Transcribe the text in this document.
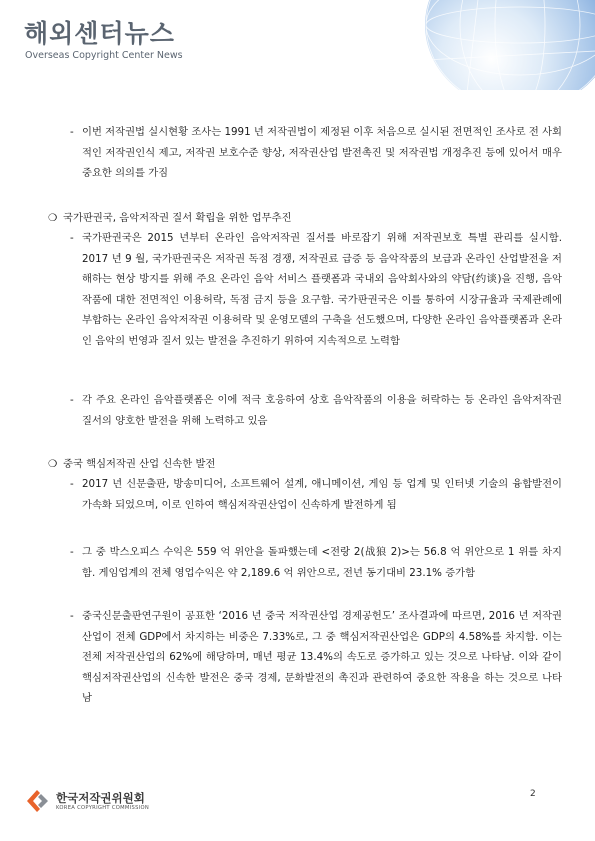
해외센터뉴스
Overseas Copyright Center News
- 이번 저작권법 실시현황 조사는 1991 년 저작권법이 제정된 이후 처음으로 실시된 전면적인 조사로 전 사회적인 저작권인식 제고, 저작권 보호수준 향상, 저작권산업 발전촉진 및 저작권법 개정추진 등에 있어서 매우 중요한 의의를 가짐
❍ 국가판권국, 음악저작권 질서 확립을 위한 업무추진
- 국가판권국은 2015 년부터 온라인 음악저작권 질서를 바로잡기 위해 저작권보호 특별 관리를 실시함. 2017 년 9 월, 국가판권국은 저작권 독점 경쟁, 저작권료 급증 등 음악작품의 보급과 온라인 산업발전을 저해하는 현상 방지를 위해 주요 온라인 음악 서비스 플랫폼과 국내외 음악회사와의 약담(约谈)을 진행, 음악 작품에 대한 전면적인 이용허락, 독점 금지 등을 요구함. 국가판권국은 이를 통하여 시장규율과 국제관례에 부합하는 온라인 음악저작권 이용허락 및 운영모델의 구축을 선도했으며, 다양한 온라인 음악플랫폼과 온라인 음악의 번영과 질서 있는 발전을 추진하기 위하여 지속적으로 노력함
- 각 주요 온라인 음악플랫폼은 이에 적극 호응하여 상호 음악작품의 이용을 허락하는 등 온라인 음악저작권 질서의 양호한 발전을 위해 노력하고 있음
❍ 중국 핵심저작권 산업 신속한 발전
- 2017 년 신문출판, 방송미디어, 소프트웨어 설계, 애니메이션, 게임 등 업계 및 인터넷 기술의 융합발전이 가속화 되었으며, 이로 인하여 핵심저작권산업이 신속하게 발전하게 됨
- 그 중 박스오피스 수익은 559 억 위안을 돌파했는데 <전랑 2(战狼 2)>는 56.8 억 위안으로 1 위를 차지함. 게임업계의 전체 영업수익은 약 2,189.6 억 위안으로, 전년 동기대비 23.1% 증가함
- 중국신문출판연구원이 공표한 ‘2016 년 중국 저작권산업 경제공헌도’ 조사결과에 따르면, 2016 년 저작권산업이 전체 GDP에서 차지하는 비중은 7.33%로, 그 중 핵심저작권산업은 GDP의 4.58%를 차지함. 이는 전체 저작권산업의 62%에 해당하며, 매년 평균 13.4%의 속도로 증가하고 있는 것으로 나타남. 이와 같이 핵심저작권산업의 신속한 발전은 중국 경제, 문화발전의 촉진과 관련하여 중요한 작용을 하는 것으로 나타남
한국저작권위원회
KOREA COPYRIGHT COMMISSION
2
